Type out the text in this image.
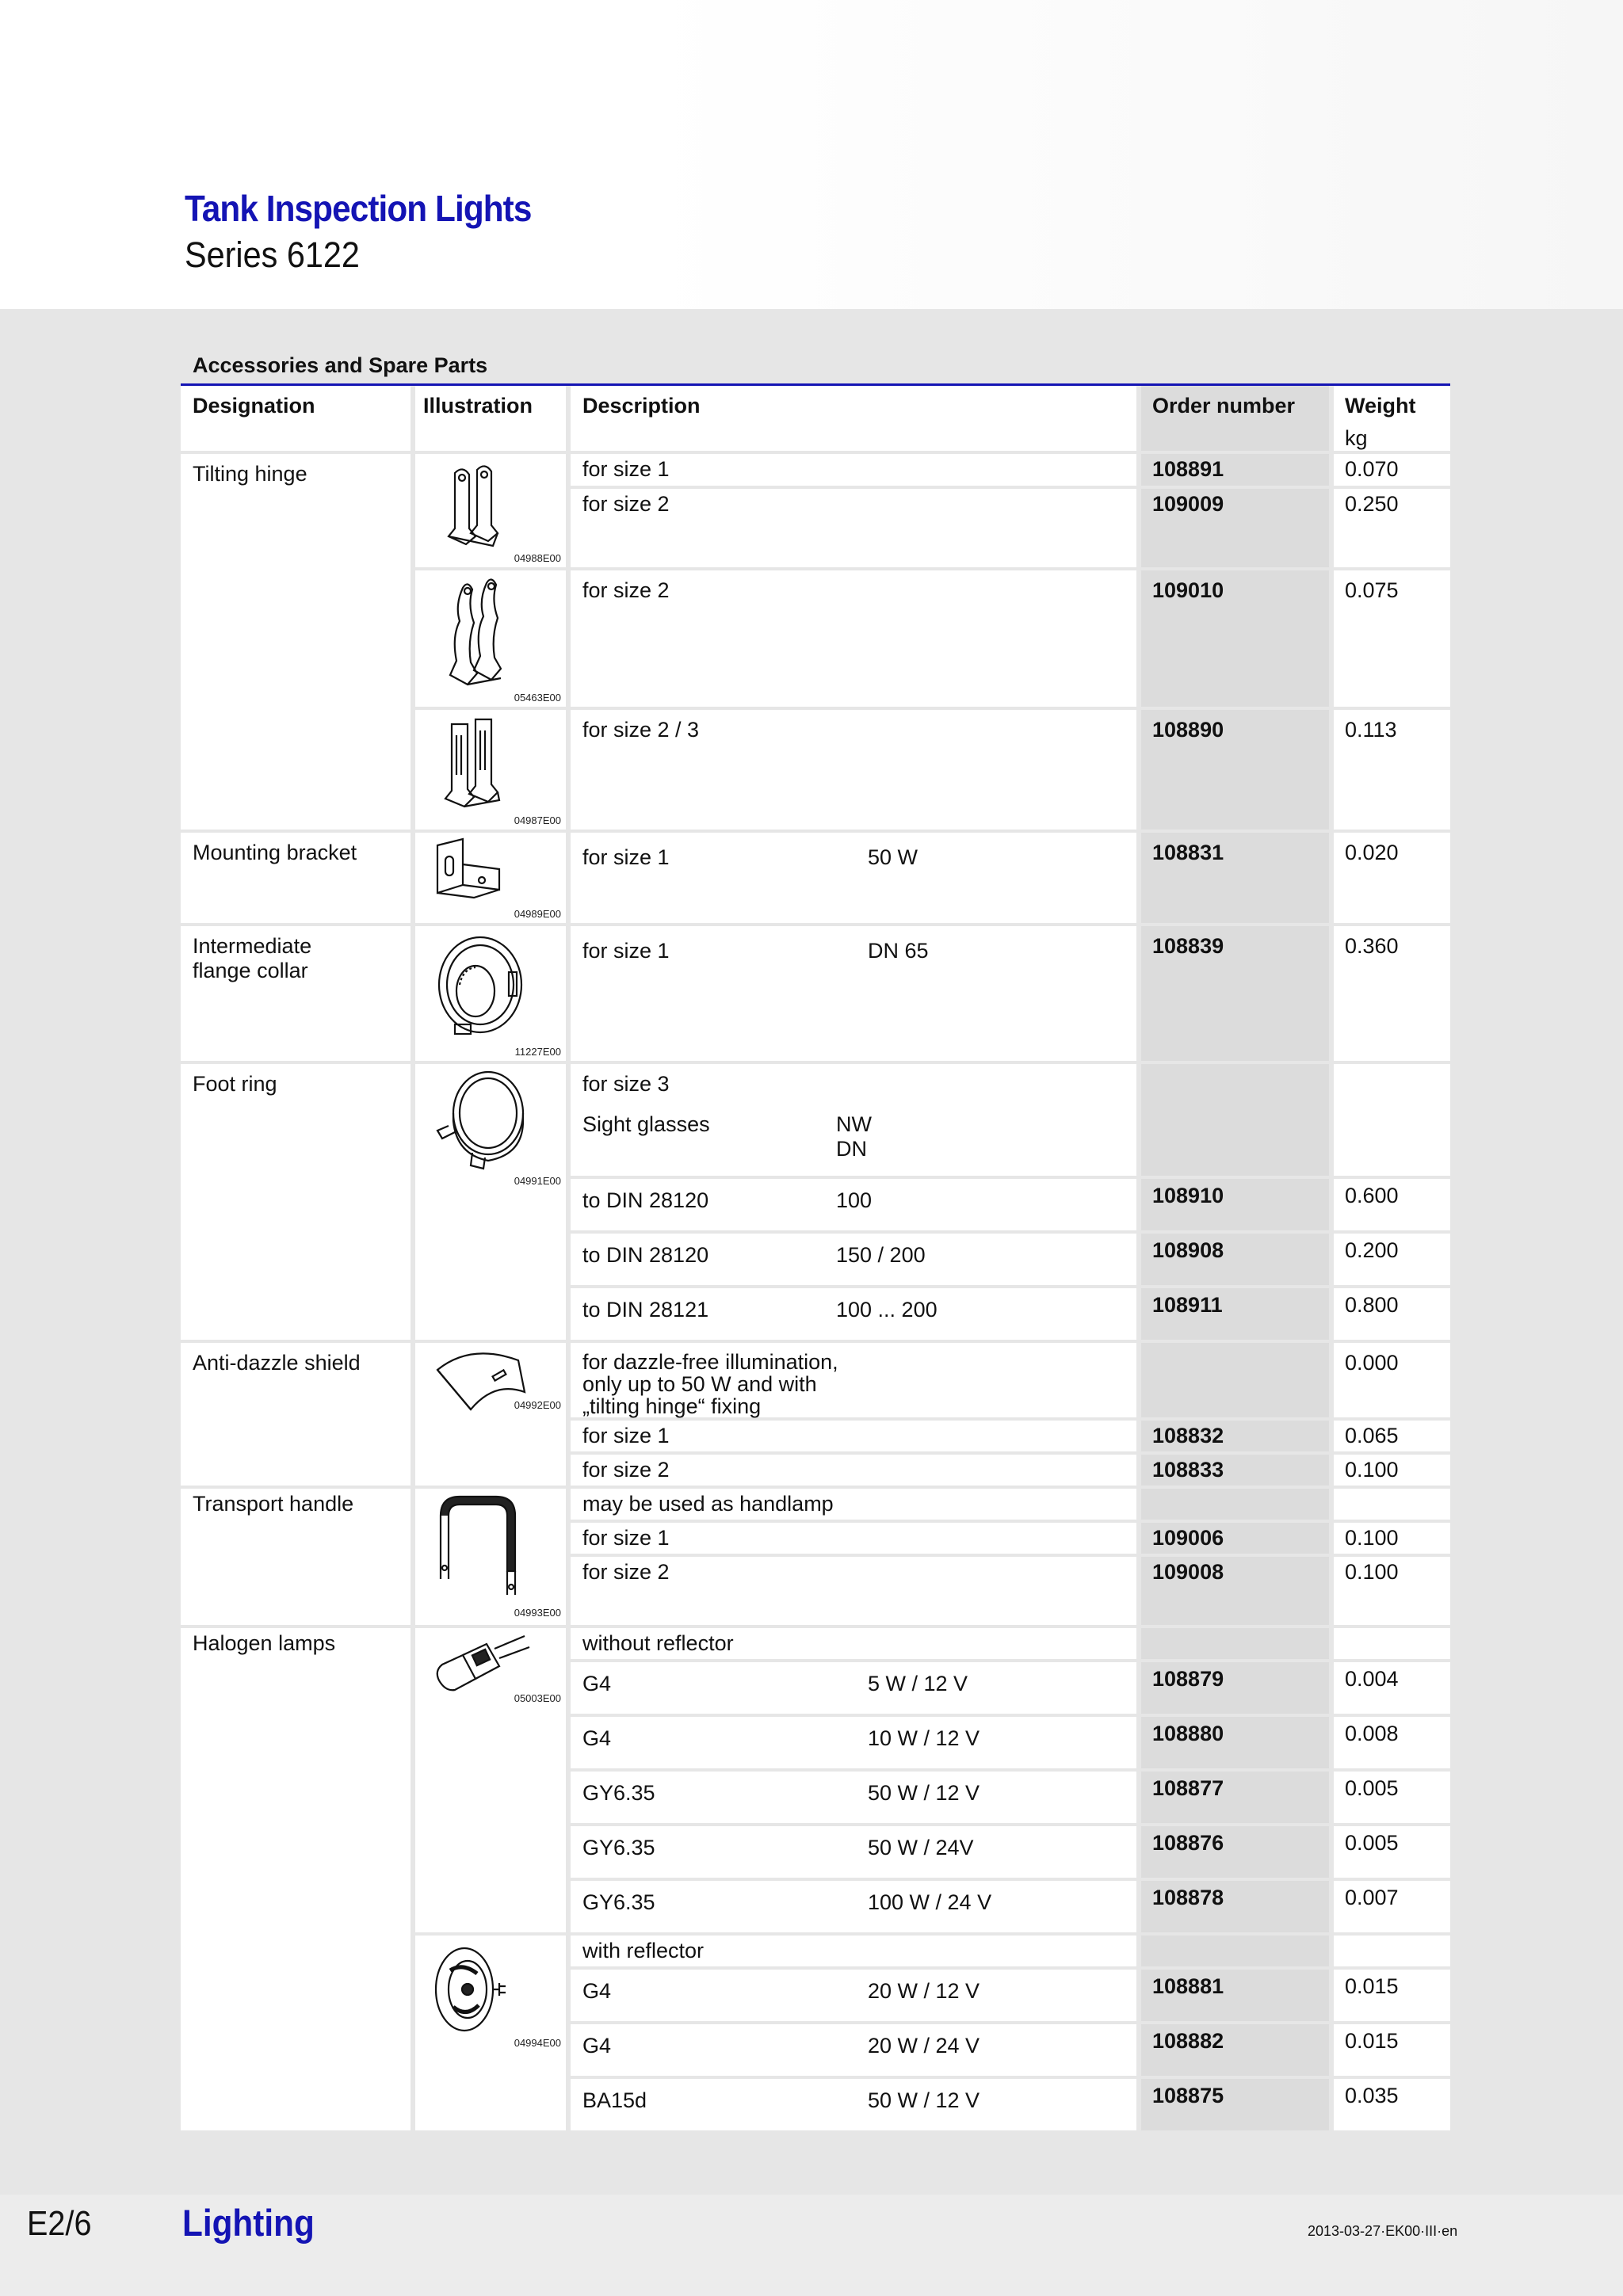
Tank Inspection Lights
Series 6122
Accessories and Spare Parts
Designation	Illustration	Description	Order number	Weight
kg

Tilting hinge	04988E00	for size 1	108891	0.070

		for size 2	109009	0.250

	05463E00	for size 2	109010	0.075

	04987E00	for size 2 / 3	108890	0.113

Mounting bracket	04989E00	for size 1 50 W	108831	0.020

Intermediate flange collar	11227E00	for size 1 DN 65	108839	0.360

Foot ring	04991E00	for size 3
Sight glasses NW
DN		

		to DIN 28120 100	108910	0.600

		to DIN 28120 150 / 200	108908	0.200

		to DIN 28121 100 ... 200	108911	0.800

Anti-dazzle shield	04992E00	for dazzle-free illumination,
only up to 50 W and with
„tilting hinge“ fixing		0.000

		for size 1	108832	0.065

		for size 2	108833	0.100

Transport handle	04993E00	may be used as handlamp		

		for size 1	109006	0.100

		for size 2	109008	0.100

Halogen lamps	05003E00	without reflector		

		G4 5 W / 12 V	108879	0.004

		G4 10 W / 12 V	108880	0.008

		GY6.35 50 W / 12 V	108877	0.005

		GY6.35 50 W / 24V	108876	0.005

		GY6.35 100 W / 24 V	108878	0.007

	04994E00	with reflector		

		G4 20 W / 12 V	108881	0.015

		G4 20 W / 24 V	108882	0.015

		BA15d 50 W / 12 V	108875	0.035
E2/6 Lighting	2013-03-27·EK00·III·en
